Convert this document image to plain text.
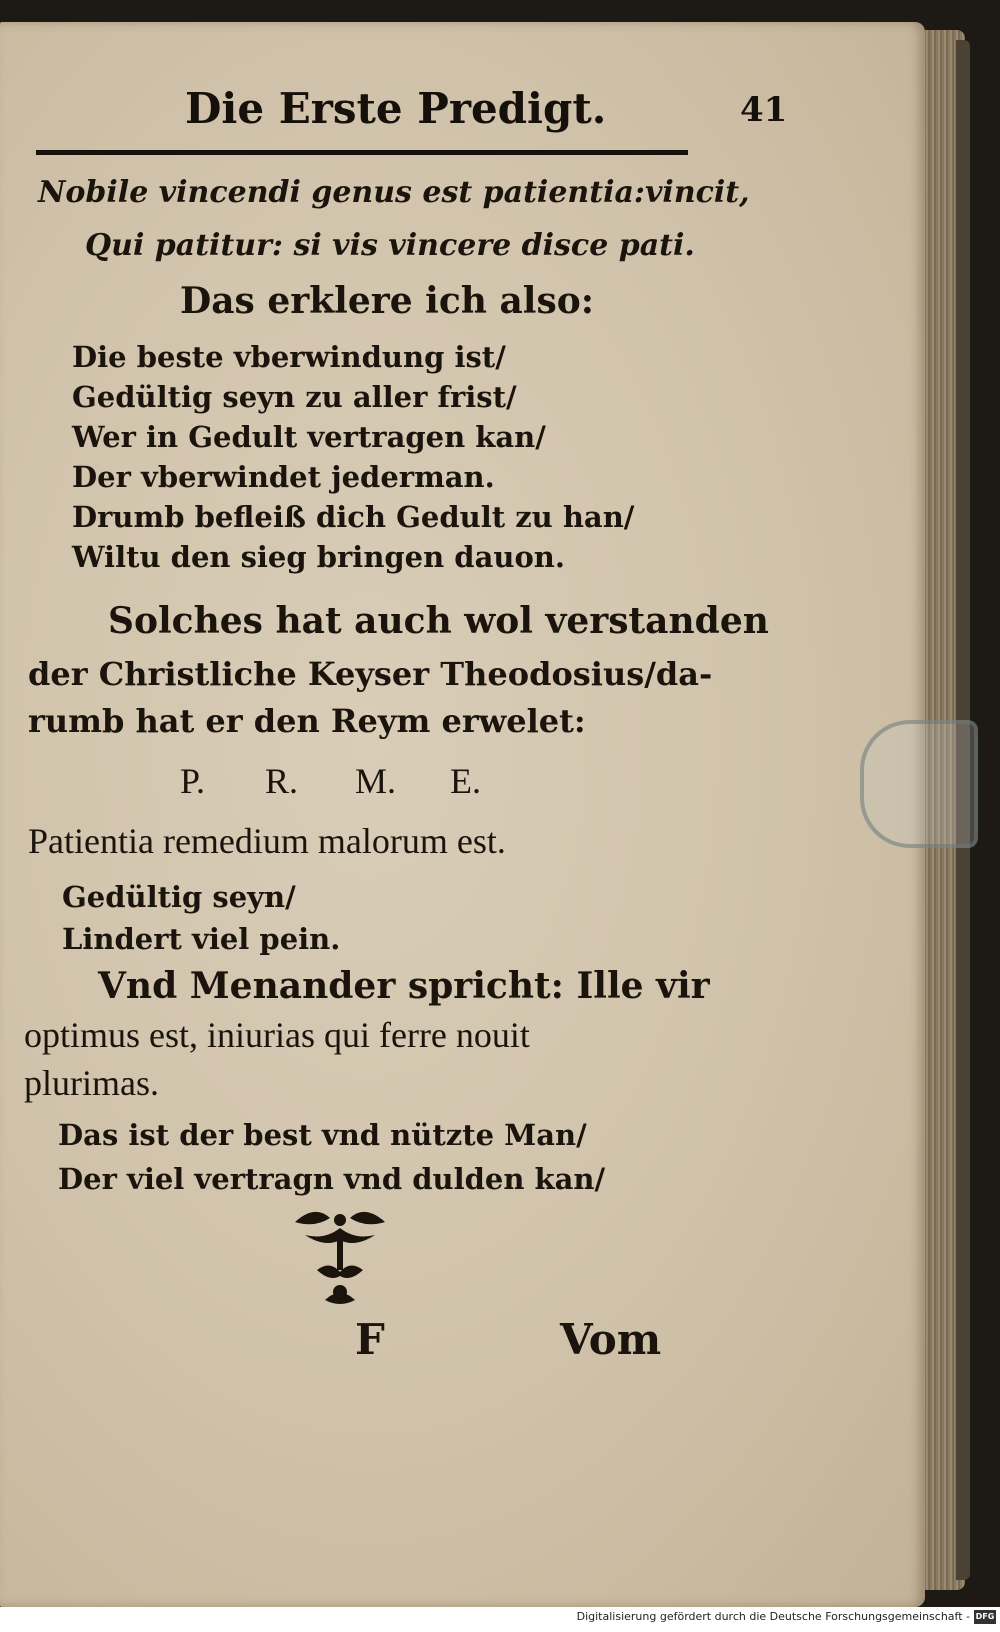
Die Erste Predigt.	41
Nobile vincendi genus est patientia:vincit,
Qui patitur: si vis vincere disce pati.
Das erklere ich also:
Die beste vberwindung ist/
Gedültig seyn zu aller frist/
Wer in Gedult vertragen kan/
Der vberwindet jederman.
Drumb befleiß dich Gedult zu han/
Wiltu den sieg bringen dauon.
Solches hat auch wol verstanden
der Christliche Keyser Theodosius/da-
rumb hat er den Reym erwelet:
P. R. M. E.
Patientia remedium malorum est.
Gedültig seyn/
Lindert viel pein.
Vnd Menander spricht: Ille vir
optimus est, iniurias qui ferre nouit
plurimas.
Das ist der best vnd nützte Man/
Der viel vertragn vnd dulden kan/
F	Vom
Digitalisierung gefördert durch die Deutsche Forschungsgemeinschaft - DFG
